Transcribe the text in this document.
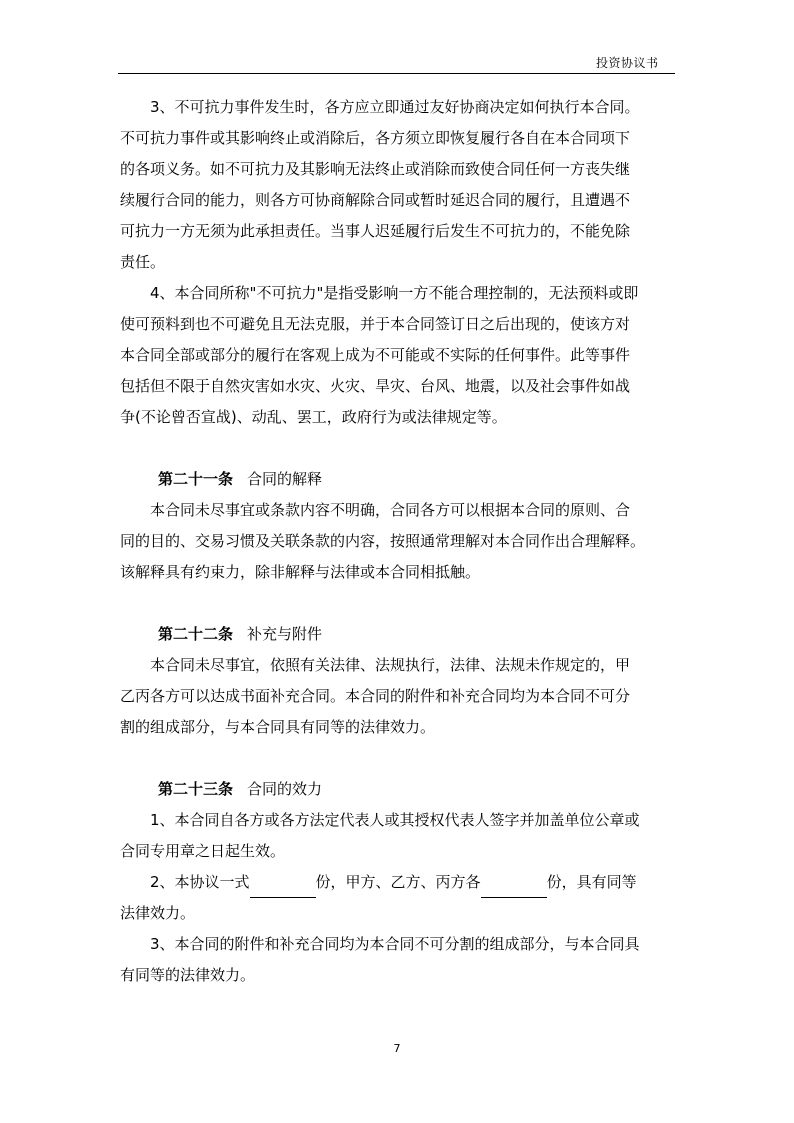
投资协议书
3、不可抗力事件发生时，各方应立即通过友好协商决定如何执行本合同。
不可抗力事件或其影响终止或消除后，各方须立即恢复履行各自在本合同项下
的各项义务。如不可抗力及其影响无法终止或消除而致使合同任何一方丧失继
续履行合同的能力，则各方可协商解除合同或暂时延迟合同的履行，且遭遇不
可抗力一方无须为此承担责任。当事人迟延履行后发生不可抗力的，不能免除
责任。
4、本合同所称"不可抗力"是指受影响一方不能合理控制的，无法预料或即
使可预料到也不可避免且无法克服，并于本合同签订日之后出现的，使该方对
本合同全部或部分的履行在客观上成为不可能或不实际的任何事件。此等事件
包括但不限于自然灾害如水灾、火灾、旱灾、台风、地震，以及社会事件如战
争(不论曾否宣战)、动乱、罢工，政府行为或法律规定等。
第二十一条 合同的解释
本合同未尽事宜或条款内容不明确，合同各方可以根据本合同的原则、合
同的目的、交易习惯及关联条款的内容，按照通常理解对本合同作出合理解释。
该解释具有约束力，除非解释与法律或本合同相抵触。
第二十二条 补充与附件
本合同未尽事宜，依照有关法律、法规执行，法律、法规未作规定的，甲
乙丙各方可以达成书面补充合同。本合同的附件和补充合同均为本合同不可分
割的组成部分，与本合同具有同等的法律效力。
第二十三条 合同的效力
1、本合同自各方或各方法定代表人或其授权代表人签字并加盖单位公章或
合同专用章之日起生效。
2、本协议一式	份，甲方、乙方、丙方各	份，具有同等
法律效力。
3、本合同的附件和补充合同均为本合同不可分割的组成部分，与本合同具
有同等的法律效力。
7
